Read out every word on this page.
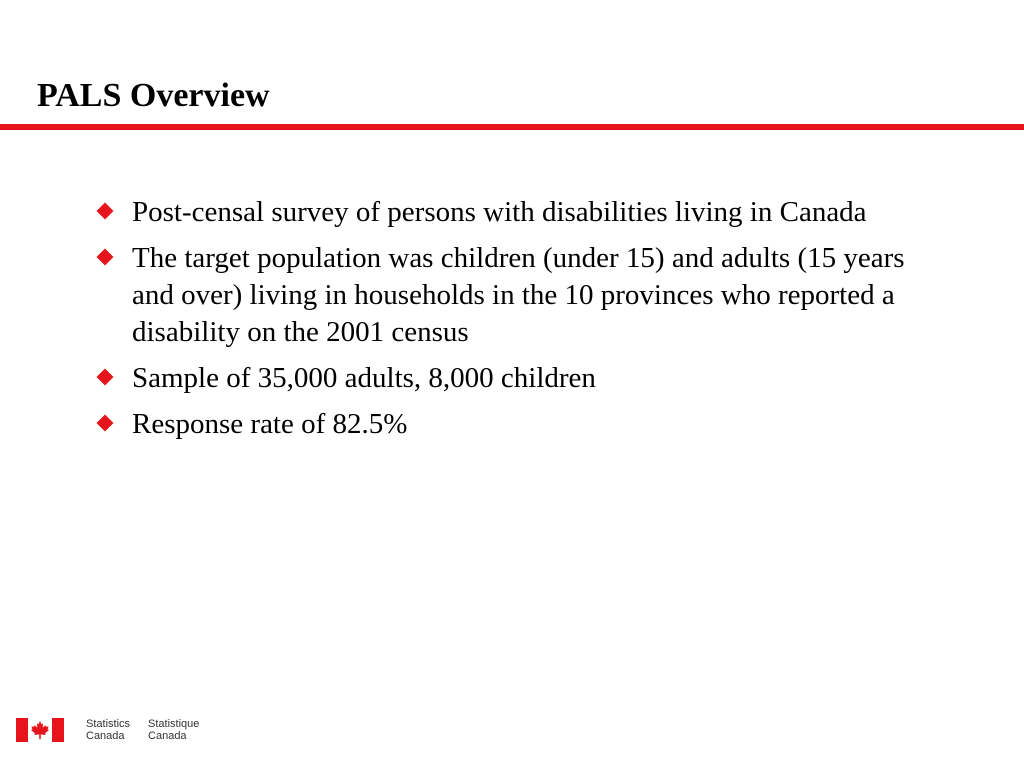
PALS Overview
Post-censal survey of persons with disabilities living in Canada
The target population was children (under 15) and adults (15 years and over) living in households in the 10 provinces who reported a disability on the 2001 census
Sample of 35,000 adults, 8,000 children
Response rate of 82.5%
Statistics
Canada
Statistique
Canada
